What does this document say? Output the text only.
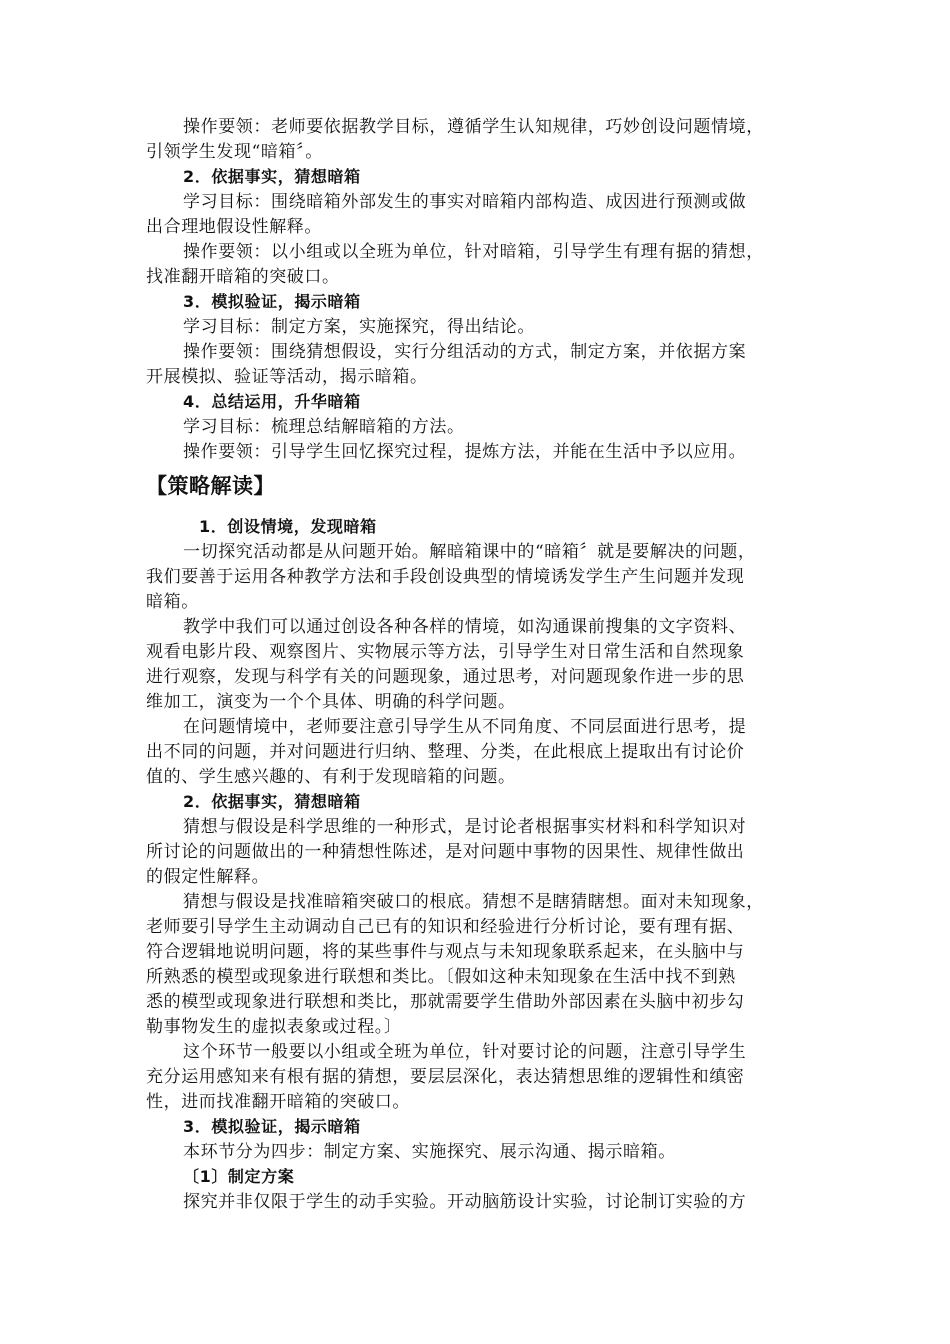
操作要领：老师要依据教学目标，遵循学生认知规律，巧妙创设问题情境，
引领学生发现“暗箱〞。
2．依据事实，猜想暗箱
学习目标：围绕暗箱外部发生的事实对暗箱内部构造、成因进行预测或做
出合理地假设性解释。
操作要领：以小组或以全班为单位，针对暗箱，引导学生有理有据的猜想，
找准翻开暗箱的突破口。
3．模拟验证，揭示暗箱
学习目标：制定方案，实施探究，得出结论。
操作要领：围绕猜想假设，实行分组活动的方式，制定方案，并依据方案
开展模拟、验证等活动，揭示暗箱。
4．总结运用，升华暗箱
学习目标：梳理总结解暗箱的方法。
操作要领：引导学生回忆探究过程，提炼方法，并能在生活中予以应用。
【策略解读】
1．创设情境，发现暗箱
一切探究活动都是从问题开始。解暗箱课中的“暗箱〞就是要解决的问题，
我们要善于运用各种教学方法和手段创设典型的情境诱发学生产生问题并发现
暗箱。
教学中我们可以通过创设各种各样的情境，如沟通课前搜集的文字资料、
观看电影片段、观察图片、实物展示等方法，引导学生对日常生活和自然现象
进行观察，发现与科学有关的问题现象，通过思考，对问题现象作进一步的思
维加工，演变为一个个具体、明确的科学问题。
在问题情境中，老师要注意引导学生从不同角度、不同层面进行思考，提
出不同的问题，并对问题进行归纳、整理、分类，在此根底上提取出有讨论价
值的、学生感兴趣的、有利于发现暗箱的问题。
2．依据事实，猜想暗箱
猜想与假设是科学思维的一种形式，是讨论者根据事实材料和科学知识对
所讨论的问题做出的一种猜想性陈述，是对问题中事物的因果性、规律性做出
的假定性解释。
猜想与假设是找准暗箱突破口的根底。猜想不是瞎猜瞎想。面对未知现象，
老师要引导学生主动调动自己已有的知识和经验进行分析讨论，要有理有据、
符合逻辑地说明问题，将的某些事件与观点与未知现象联系起来，在头脑中与
所熟悉的模型或现象进行联想和类比。〔假如这种未知现象在生活中找不到熟
悉的模型或现象进行联想和类比，那就需要学生借助外部因素在头脑中初步勾
勒事物发生的虚拟表象或过程。〕
这个环节一般要以小组或全班为单位，针对要讨论的问题，注意引导学生
充分运用感知来有根有据的猜想，要层层深化，表达猜想思维的逻辑性和缜密
性，进而找准翻开暗箱的突破口。
3．模拟验证，揭示暗箱
本环节分为四步：制定方案、实施探究、展示沟通、揭示暗箱。
〔1〕制定方案
探究并非仅限于学生的动手实验。开动脑筋设计实验，讨论制订实验的方
